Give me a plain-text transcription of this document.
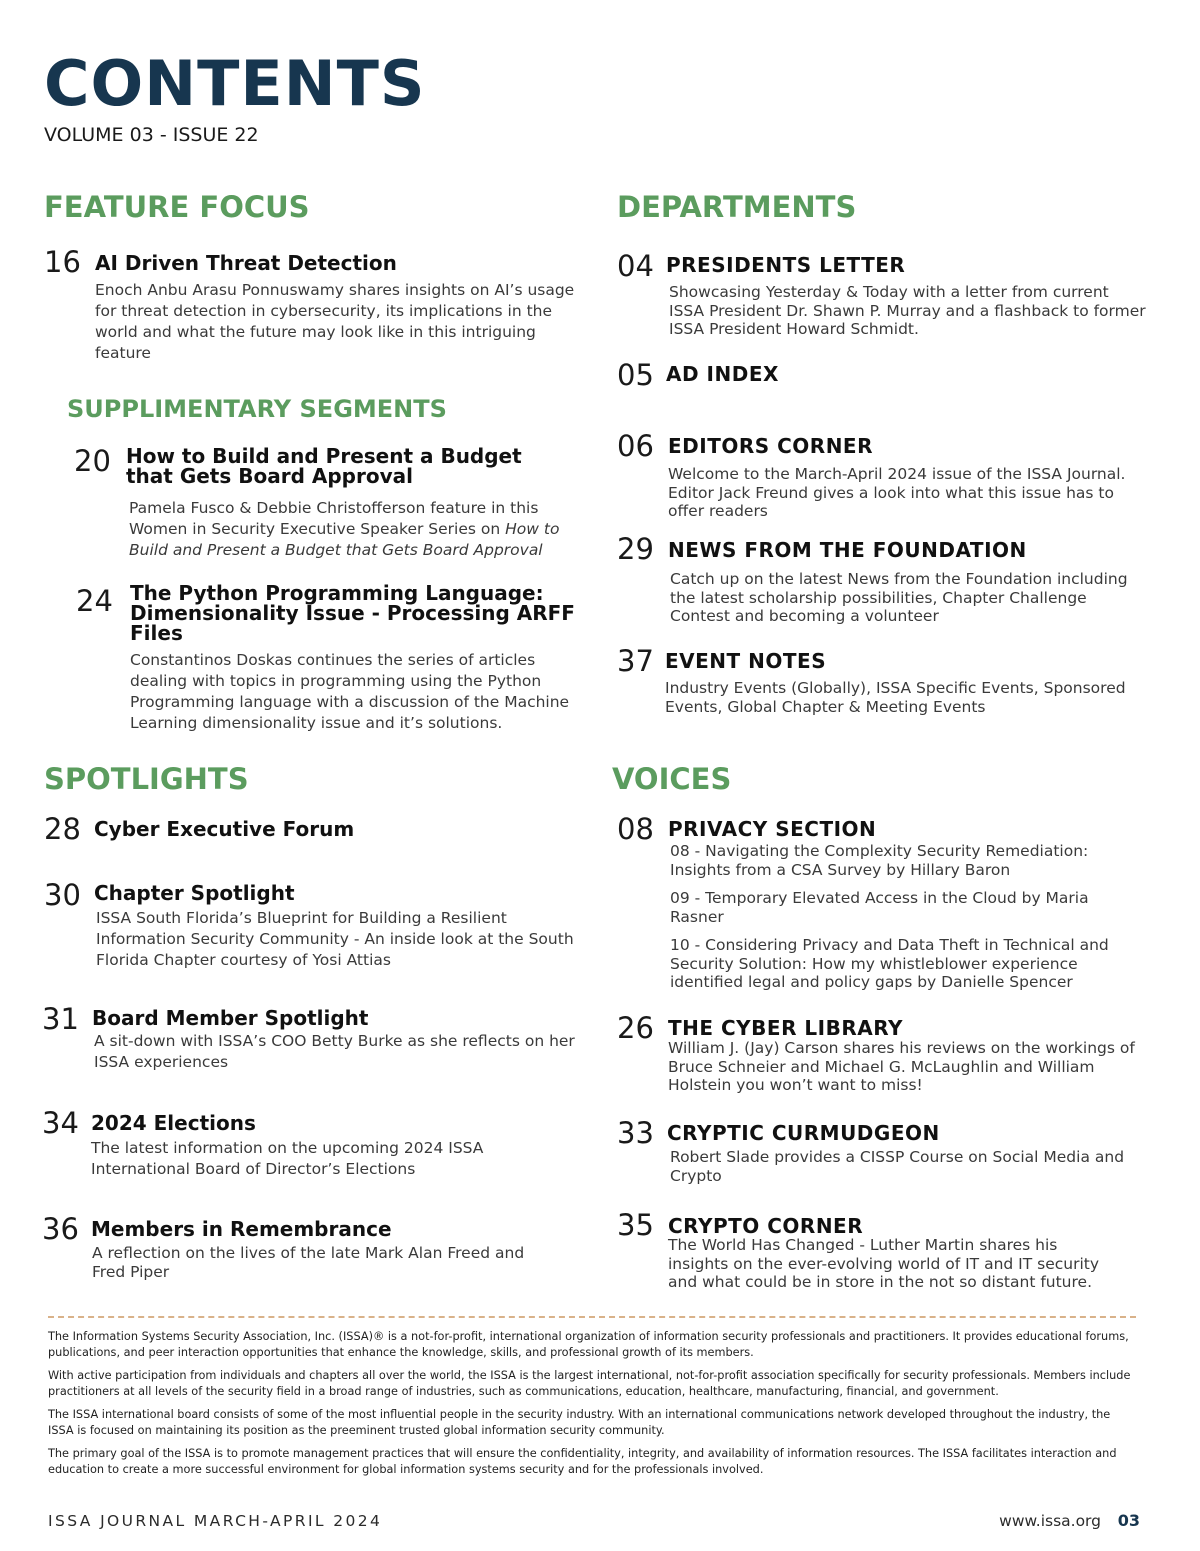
CONTENTS
VOLUME 03 - ISSUE 22
FEATURE FOCUS
16 AI Driven Threat Detection
Enoch Anbu Arasu Ponnuswamy shares insights on AI’s usage for threat detection in cybersecurity, its implications in the world and what the future may look like in this intriguing feature
SUPPLIMENTARY SEGMENTS
20 How to Build and Present a Budget that Gets Board Approval
Pamela Fusco & Debbie Christofferson feature in this Women in Security Executive Speaker Series on How to Build and Present a Budget that Gets Board Approval
24 The Python Programming Language: Dimensionality Issue - Processing ARFF Files
Constantinos Doskas continues the series of articles dealing with topics in programming using the Python Programming language with a discussion of the Machine Learning dimensionality issue and it’s solutions.
DEPARTMENTS
04 PRESIDENTS LETTER
Showcasing Yesterday & Today with a letter from current ISSA President Dr. Shawn P. Murray and a flashback to former ISSA President Howard Schmidt.
05 AD INDEX
06 EDITORS CORNER
Welcome to the March-April 2024 issue of the ISSA Journal. Editor Jack Freund gives a look into what this issue has to offer readers
29 NEWS FROM THE FOUNDATION
Catch up on the latest News from the Foundation including the latest scholarship possibilities, Chapter Challenge Contest and becoming a volunteer
37 EVENT NOTES
Industry Events (Globally), ISSA Specific Events, Sponsored Events, Global Chapter & Meeting Events
SPOTLIGHTS
28 Cyber Executive Forum
30 Chapter Spotlight
ISSA South Florida’s Blueprint for Building a Resilient Information Security Community - An inside look at the South Florida Chapter courtesy of Yosi Attias
31 Board Member Spotlight
A sit-down with ISSA’s COO Betty Burke as she reflects on her ISSA experiences
34 2024 Elections
The latest information on the upcoming 2024 ISSA International Board of Director’s Elections
36 Members in Remembrance
A reflection on the lives of the late Mark Alan Freed and Fred Piper
VOICES
08 PRIVACY SECTION
08 - Navigating the Complexity Security Remediation: Insights from a CSA Survey by Hillary Baron
09 - Temporary Elevated Access in the Cloud by Maria Rasner
10 - Considering Privacy and Data Theft in Technical and Security Solution: How my whistleblower experience identified legal and policy gaps by Danielle Spencer
26 THE CYBER LIBRARY
William J. (Jay) Carson shares his reviews on the workings of Bruce Schneier and Michael G. McLaughlin and William Holstein you won’t want to miss!
33 CRYPTIC CURMUDGEON
Robert Slade provides a CISSP Course on Social Media and Crypto
35 CRYPTO CORNER
The World Has Changed - Luther Martin shares his insights on the ever-evolving world of IT and IT security and what could be in store in the not so distant future.

The Information Systems Security Association, Inc. (ISSA)® is a not-for-profit, international organization of information security professionals and practitioners. It provides educational forums, publications, and peer interaction opportunities that enhance the knowledge, skills, and professional growth of its members.

With active participation from individuals and chapters all over the world, the ISSA is the largest international, not-for-profit association specifically for security professionals. Members include practitioners at all levels of the security field in a broad range of industries, such as communications, education, healthcare, manufacturing, financial, and government.

The ISSA international board consists of some of the most influential people in the security industry. With an international communications network developed throughout the industry, the ISSA is focused on maintaining its position as the preeminent trusted global information security community.

The primary goal of the ISSA is to promote management practices that will ensure the confidentiality, integrity, and availability of information resources. The ISSA facilitates interaction and education to create a more successful environment for global information systems security and for the professionals involved.

ISSA JOURNAL MARCH-APRIL 2024	www.issa.org 03
